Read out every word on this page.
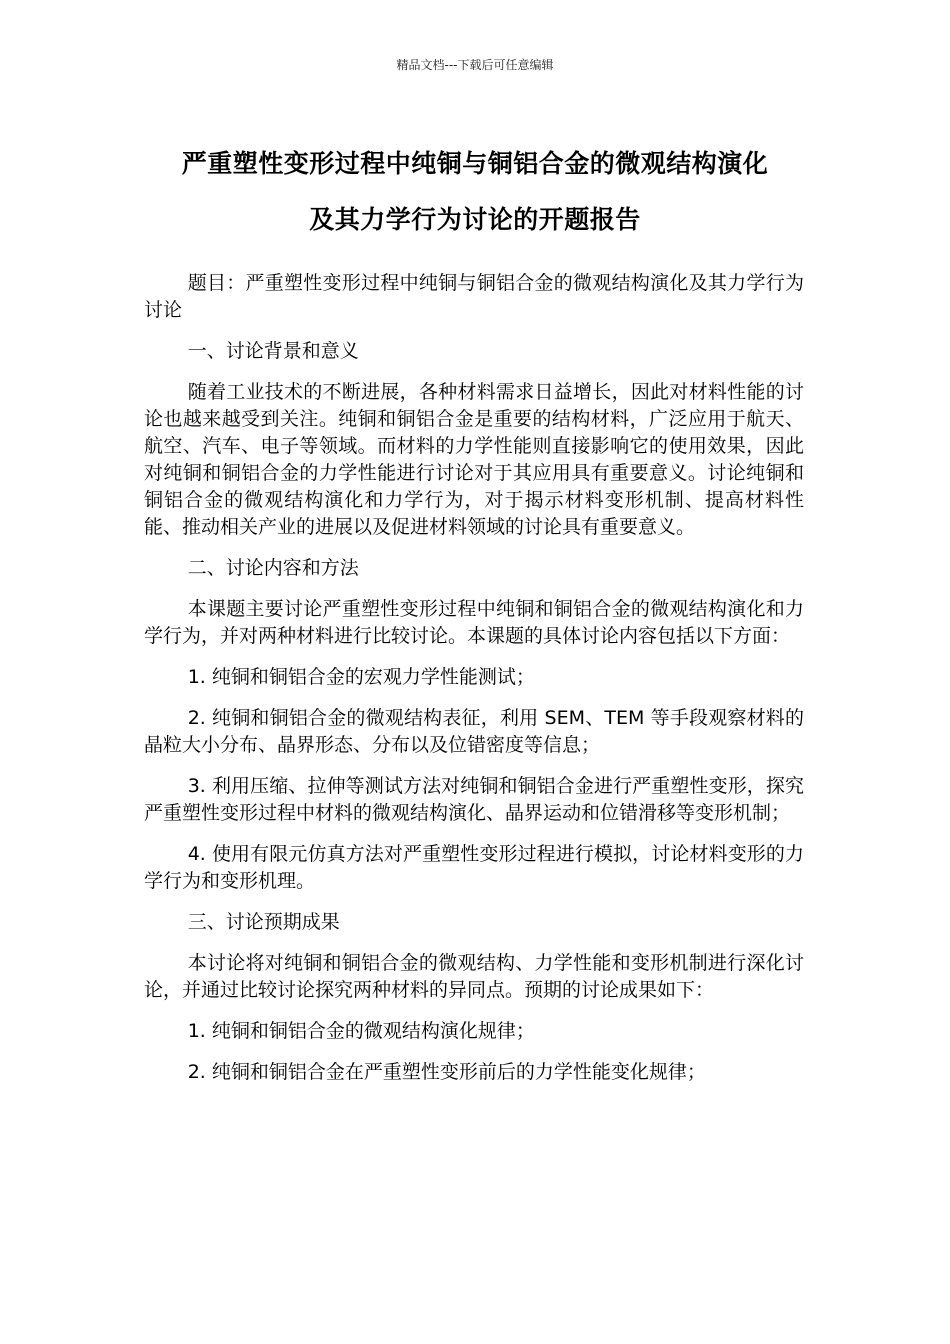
精品文档---下载后可任意编辑
严重塑性变形过程中纯铜与铜铝合金的微观结构演化
及其力学行为讨论的开题报告

题目：严重塑性变形过程中纯铜与铜铝合金的微观结构演化及其力学行为讨论

一、讨论背景和意义

随着工业技术的不断进展，各种材料需求日益增长，因此对材料性能的讨论也越来越受到关注。纯铜和铜铝合金是重要的结构材料，广泛应用于航天、航空、汽车、电子等领域。而材料的力学性能则直接影响它的使用效果，因此对纯铜和铜铝合金的力学性能进行讨论对于其应用具有重要意义。讨论纯铜和铜铝合金的微观结构演化和力学行为，对于揭示材料变形机制、提高材料性能、推动相关产业的进展以及促进材料领域的讨论具有重要意义。

二、讨论内容和方法

本课题主要讨论严重塑性变形过程中纯铜和铜铝合金的微观结构演化和力学行为，并对两种材料进行比较讨论。本课题的具体讨论内容包括以下方面：

1. 纯铜和铜铝合金的宏观力学性能测试；

2. 纯铜和铜铝合金的微观结构表征，利用 SEM、TEM 等手段观察材料的晶粒大小分布、晶界形态、分布以及位错密度等信息；

3. 利用压缩、拉伸等测试方法对纯铜和铜铝合金进行严重塑性变形，探究严重塑性变形过程中材料的微观结构演化、晶界运动和位错滑移等变形机制；

4. 使用有限元仿真方法对严重塑性变形过程进行模拟，讨论材料变形的力学行为和变形机理。

三、讨论预期成果

本讨论将对纯铜和铜铝合金的微观结构、力学性能和变形机制进行深化讨论，并通过比较讨论探究两种材料的异同点。预期的讨论成果如下：

1. 纯铜和铜铝合金的微观结构演化规律；

2. 纯铜和铜铝合金在严重塑性变形前后的力学性能变化规律；
